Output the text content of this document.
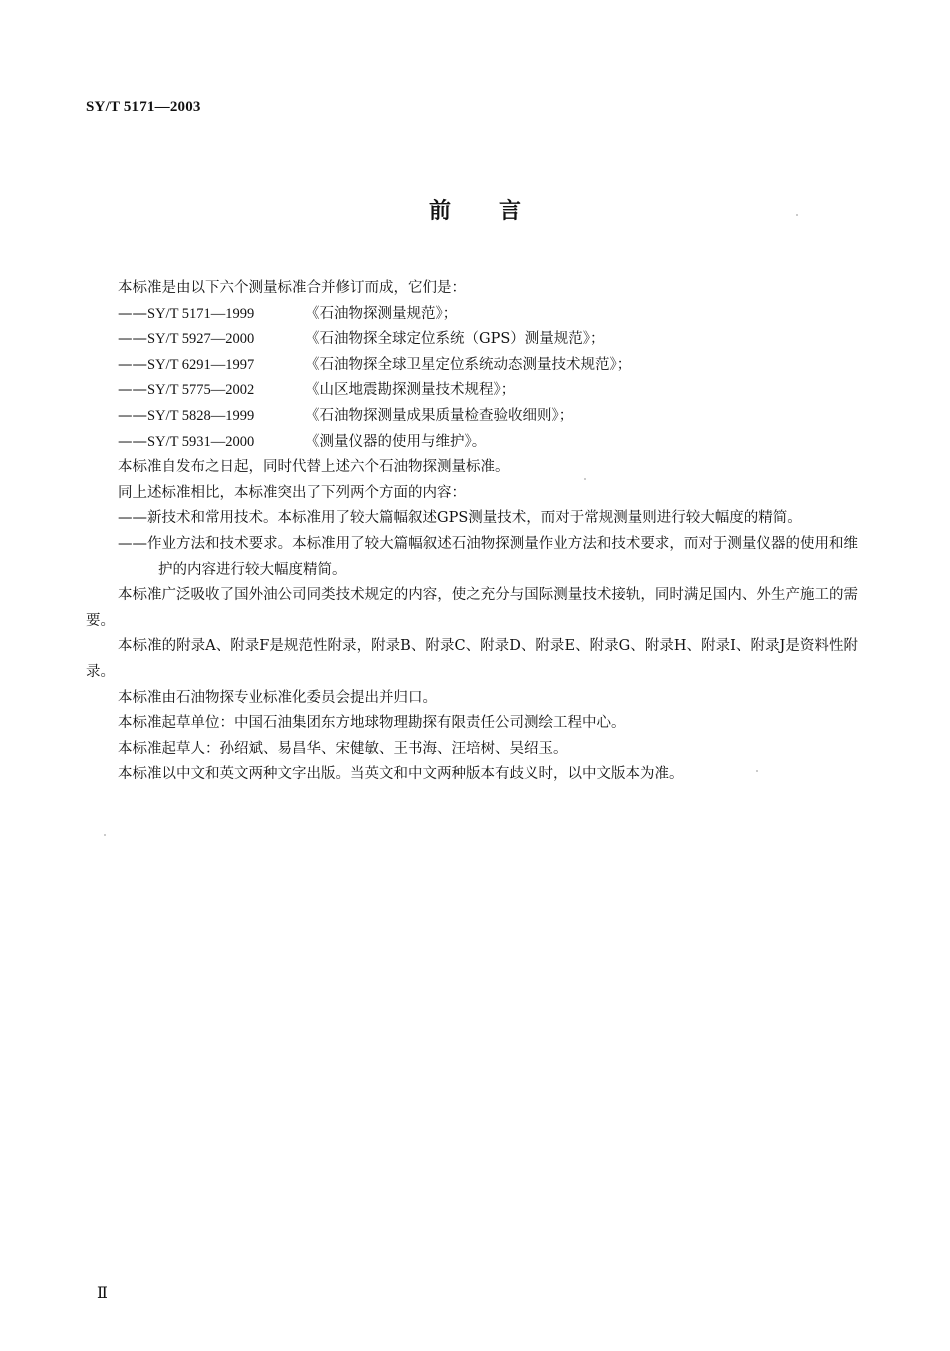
SY/T 5171—2003
前言

本标准是由以下六个测量标准合并修订而成，它们是：

——SY/T 5171—1999	《石油物探测量规范》；

——SY/T 5927—2000	《石油物探全球定位系统（GPS）测量规范》；

——SY/T 6291—1997	《石油物探全球卫星定位系统动态测量技术规范》；

——SY/T 5775—2002	《山区地震勘探测量技术规程》；

——SY/T 5828—1999	《石油物探测量成果质量检查验收细则》；

——SY/T 5931—2000	《测量仪器的使用与维护》。

本标准自发布之日起，同时代替上述六个石油物探测量标准。

同上述标准相比，本标准突出了下列两个方面的内容：

——新技术和常用技术。本标准用了较大篇幅叙述GPS测量技术，而对于常规测量则进行较大幅度的精简。

——作业方法和技术要求。本标准用了较大篇幅叙述石油物探测量作业方法和技术要求，而对于测量仪器的使用和维护的内容进行较大幅度精简。

本标准广泛吸收了国外油公司同类技术规定的内容，使之充分与国际测量技术接轨，同时满足国内、外生产施工的需要。

本标准的附录A、附录F是规范性附录，附录B、附录C、附录D、附录E、附录G、附录H、附录I、附录J是资料性附录。

本标准由石油物探专业标准化委员会提出并归口。

本标准起草单位：中国石油集团东方地球物理勘探有限责任公司测绘工程中心。

本标准起草人：孙绍斌、易昌华、宋健敏、王书海、汪培树、吴绍玉。

本标准以中文和英文两种文字出版。当英文和中文两种版本有歧义时，以中文版本为准。

Ⅱ
